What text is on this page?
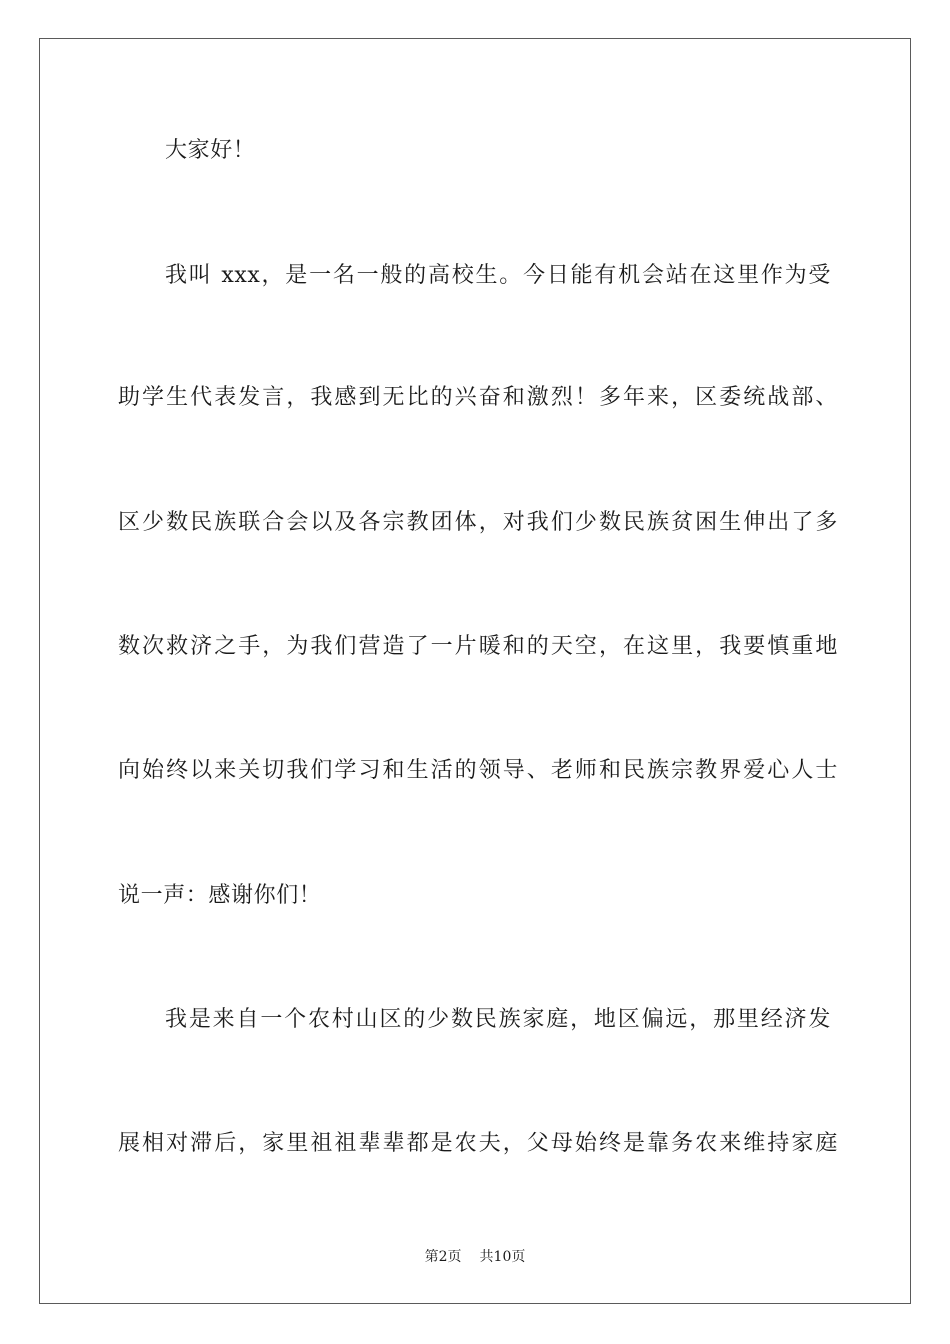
大家好！
我叫 xxx，是一名一般的高校生。今日能有机会站在这里作为受
助学生代表发言，我感到无比的兴奋和激烈！多年来，区委统战部、
区少数民族联合会以及各宗教团体，对我们少数民族贫困生伸出了多
数次救济之手，为我们营造了一片暖和的天空，在这里，我要慎重地
向始终以来关切我们学习和生活的领导、老师和民族宗教界爱心人士
说一声：感谢你们！
我是来自一个农村山区的少数民族家庭，地区偏远，那里经济发
展相对滞后，家里祖祖辈辈都是农夫，父母始终是靠务农来维持家庭
第2页 共10页
